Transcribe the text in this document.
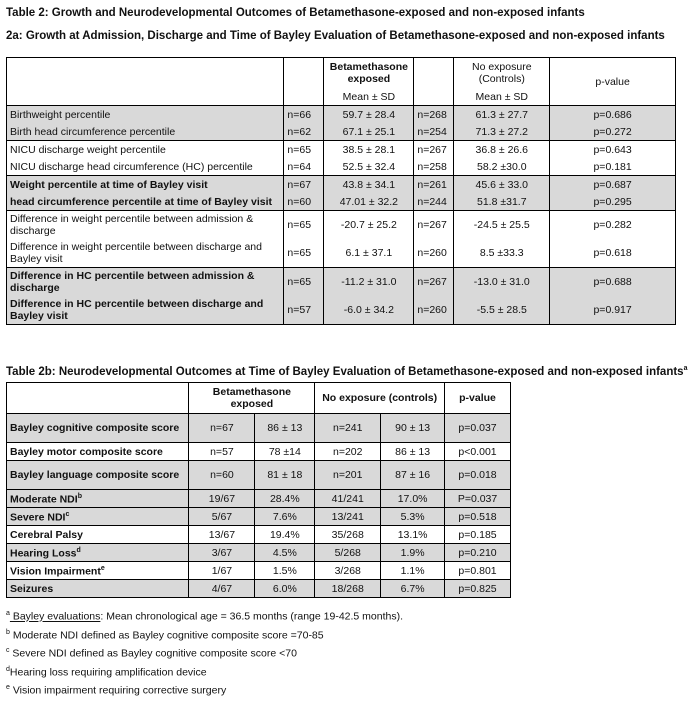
Table 2: Growth and Neurodevelopmental Outcomes of Betamethasone-exposed and non-exposed infants
2a: Growth at Admission, Discharge and Time of Bayley Evaluation of Betamethasone-exposed and non-exposed infants
		Betamethasone exposed		No exposure (Controls)	p-value
		Mean ± SD		Mean ± SD	
Birthweight percentile	n=66	59.7 ± 28.4	n=268	61.3 ± 27.7	p=0.686
Birth head circumference percentile	n=62	67.1 ± 25.1	n=254	71.3 ± 27.2	p=0.272
NICU discharge weight percentile	n=65	38.5 ± 28.1	n=267	36.8 ± 26.6	p=0.643
NICU discharge head circumference (HC) percentile	n=64	52.5 ± 32.4	n=258	58.2 ±30.0	p=0.181
Weight percentile at time of Bayley visit	n=67	43.8 ± 34.1	n=261	45.6 ± 33.0	p=0.687
head circumference percentile at time of Bayley visit	n=60	47.01 ± 32.2	n=244	51.8 ±31.7	p=0.295
Difference in weight percentile between admission & discharge	n=65	-20.7 ± 25.2	n=267	-24.5 ± 25.5	p=0.282
Difference in weight percentile between discharge and Bayley visit	n=65	6.1 ± 37.1	n=260	8.5 ±33.3	p=0.618
Difference in HC percentile between admission & discharge	n=65	-11.2 ± 31.0	n=267	-13.0 ± 31.0	p=0.688
Difference in HC percentile between discharge and Bayley visit	n=57	-6.0 ± 34.2	n=260	-5.5 ± 28.5	p=0.917
Table 2b: Neurodevelopmental Outcomes at Time of Bayley Evaluation of Betamethasone-exposed and non-exposed infants$^a$
	Betamethasone exposed		No exposure (controls)		p-value
Bayley cognitive composite score	n=67	86 ± 13	n=241	90 ± 13	p=0.037
Bayley motor composite score	n=57	78 ±14	n=202	86 ± 13	p<0.001
Bayley language composite score	n=60	81 ± 18	n=201	87 ± 16	p=0.018
Moderate NDI$^b$	19/67	28.4%	41/241	17.0%	P=0.037
Severe NDI$^c$	5/67	7.6%	13/241	5.3%	p=0.518
Cerebral Palsy	13/67	19.4%	35/268	13.1%	p=0.185
Hearing Loss$^d$	3/67	4.5%	5/268	1.9%	p=0.210
Vision Impairment$^e$	1/67	1.5%	3/268	1.1%	p=0.801
Seizures	4/67	6.0%	18/268	6.7%	p=0.825
$^a$ Bayley evaluations: Mean chronological age = 36.5 months (range 19-42.5 months).
$^b$ Moderate NDI defined as Bayley cognitive composite score =70-85
$^c$ Severe NDI defined as Bayley cognitive composite score <70
$^d$Hearing loss requiring amplification device
$^e$ Vision impairment requiring corrective surgery
